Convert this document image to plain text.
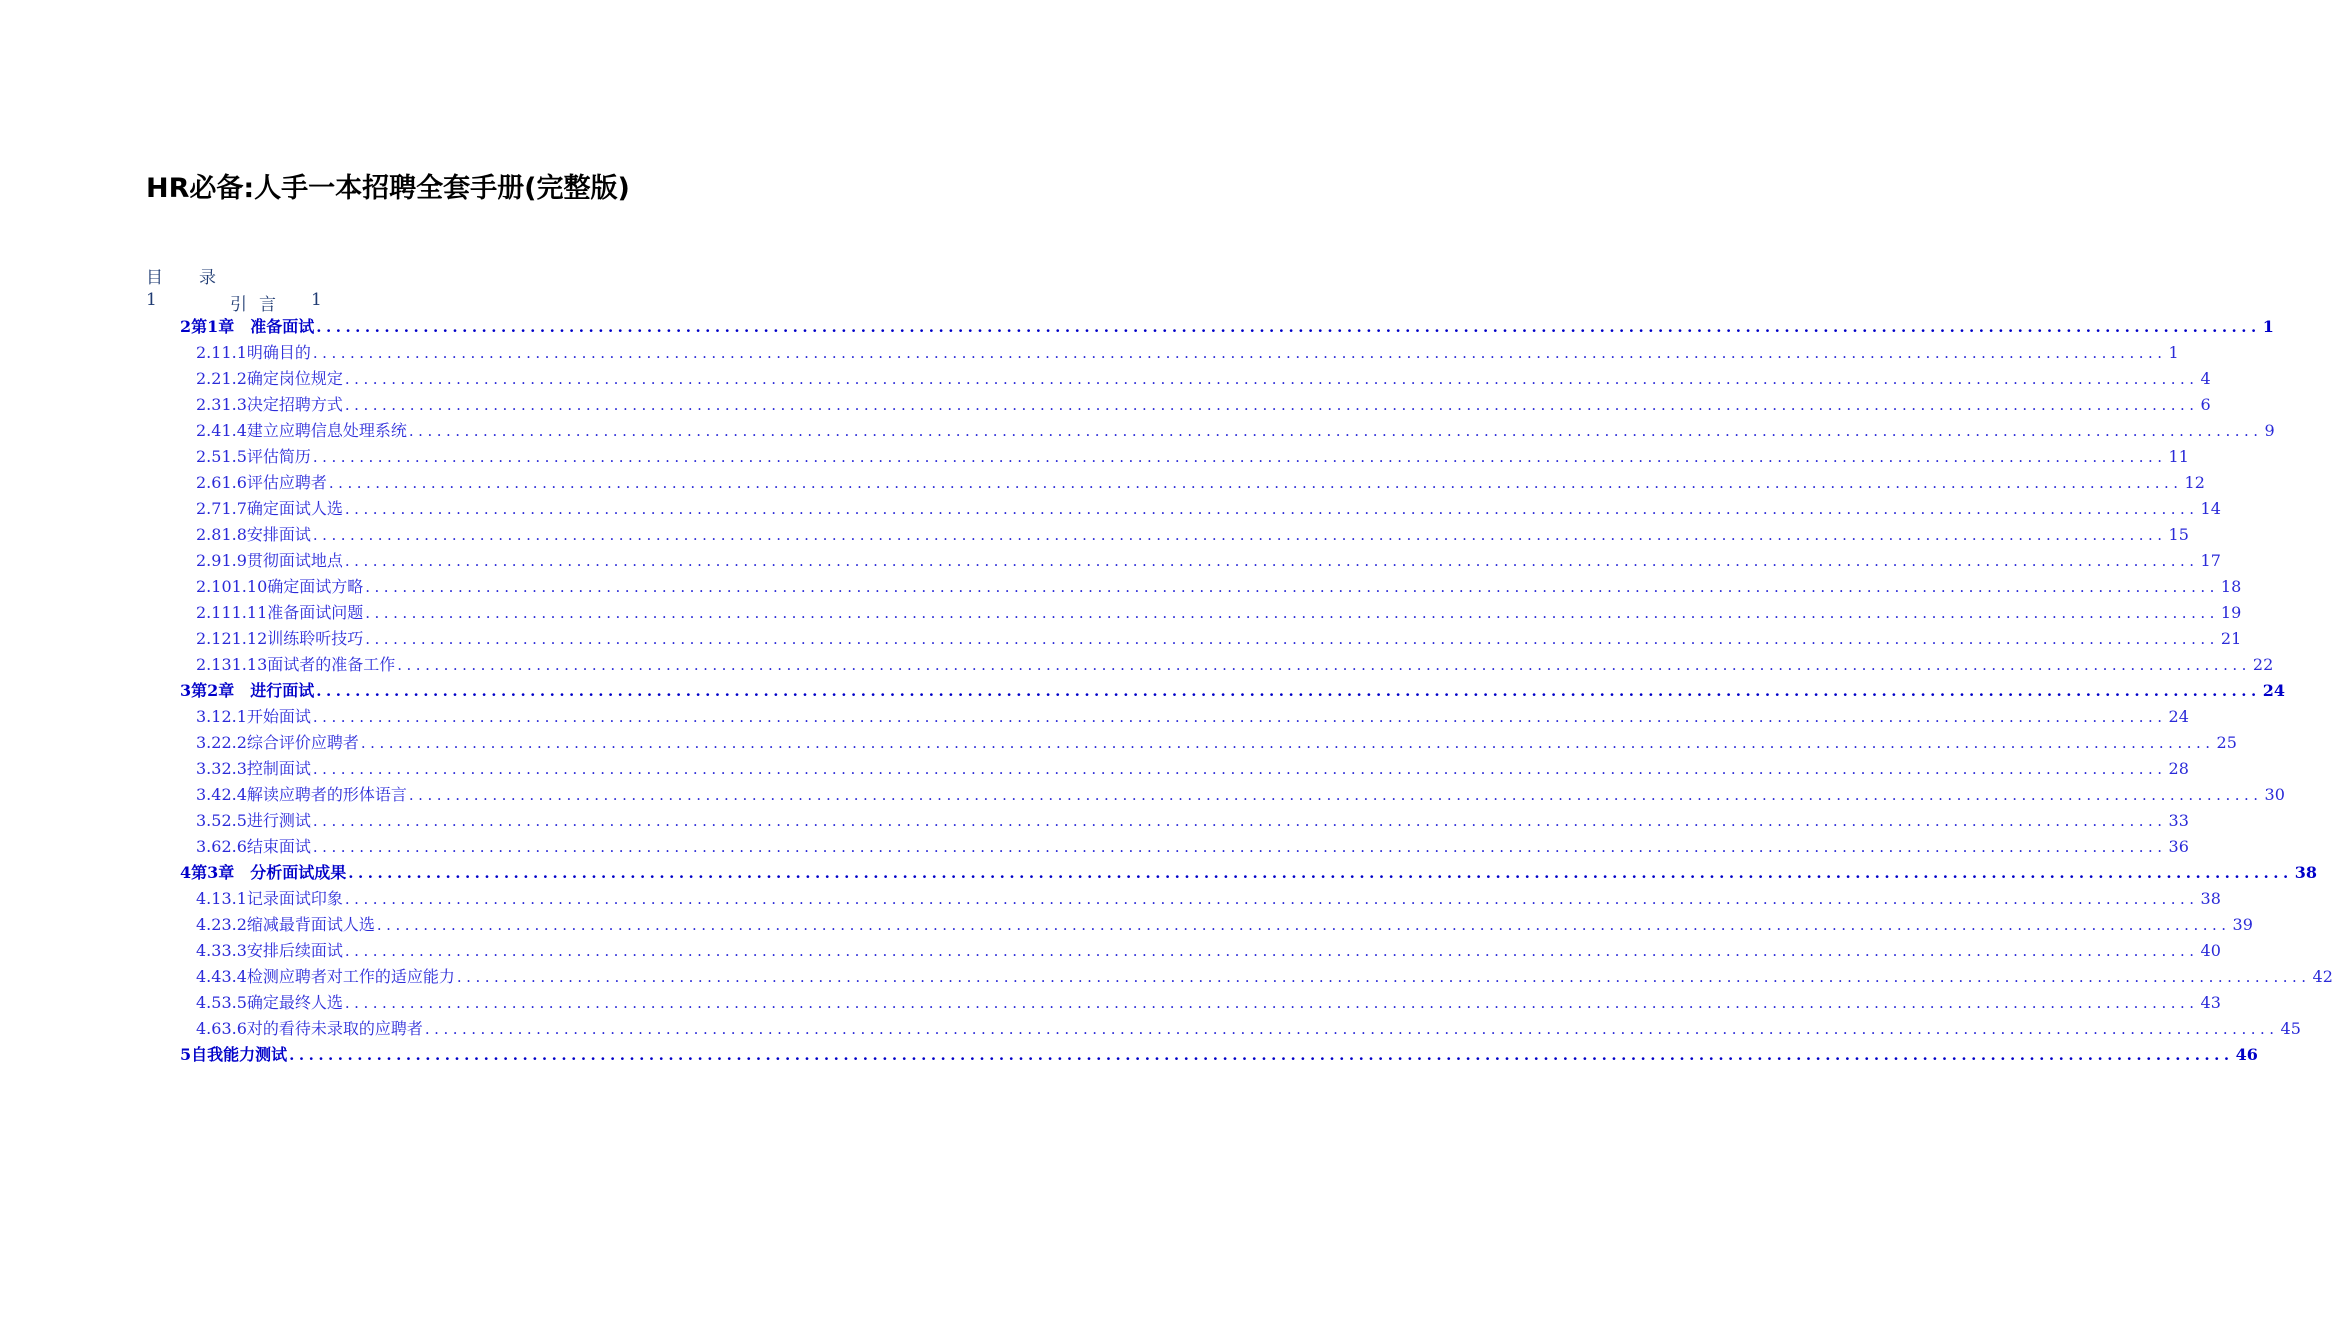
HR必备:人手一本招聘全套手册(完整版)
目 录
1	引言 1
2 第1章　准备面试 ........................................................................................................................................................................................................ 1
2.1 1.1明确目的 ........................................................................................................................................................................................................ 1
2.2 1.2确定岗位规定 ........................................................................................................................................................................................................ 4
2.3 1.3决定招聘方式 ........................................................................................................................................................................................................ 6
2.4 1.4建立应聘信息处理系统 ........................................................................................................................................................................................................ 9
2.5 1.5评估简历 ........................................................................................................................................................................................................ 11
2.6 1.6评估应聘者 ........................................................................................................................................................................................................ 12
2.7 1.7确定面试人选 ........................................................................................................................................................................................................ 14
2.8 1.8安排面试 ........................................................................................................................................................................................................ 15
2.9 1.9贯彻面试地点 ........................................................................................................................................................................................................ 17
2.10 1.10确定面试方略 ........................................................................................................................................................................................................ 18
2.11 1.11准备面试问题 ........................................................................................................................................................................................................ 19
2.12 1.12训练聆听技巧 ........................................................................................................................................................................................................ 21
2.13 1.13面试者的准备工作 ........................................................................................................................................................................................................ 22
3 第2章　进行面试 ........................................................................................................................................................................................................ 24
3.1 2.1开始面试 ........................................................................................................................................................................................................ 24
3.2 2.2综合评价应聘者 ........................................................................................................................................................................................................ 25
3.3 2.3控制面试 ........................................................................................................................................................................................................ 28
3.4 2.4解读应聘者的形体语言 ........................................................................................................................................................................................................ 30
3.5 2.5进行测试 ........................................................................................................................................................................................................ 33
3.6 2.6结束面试 ........................................................................................................................................................................................................ 36
4 第3章　分析面试成果 ........................................................................................................................................................................................................ 38
4.1 3.1记录面试印象 ........................................................................................................................................................................................................ 38
4.2 3.2缩减最背面试人选 ........................................................................................................................................................................................................ 39
4.3 3.3安排后续面试 ........................................................................................................................................................................................................ 40
4.4 3.4检测应聘者对工作的适应能力 ........................................................................................................................................................................................................ 42
4.5 3.5确定最终人选 ........................................................................................................................................................................................................ 43
4.6 3.6对的看待未录取的应聘者 ........................................................................................................................................................................................................ 45
5 自我能力测试 ........................................................................................................................................................................................................ 46
